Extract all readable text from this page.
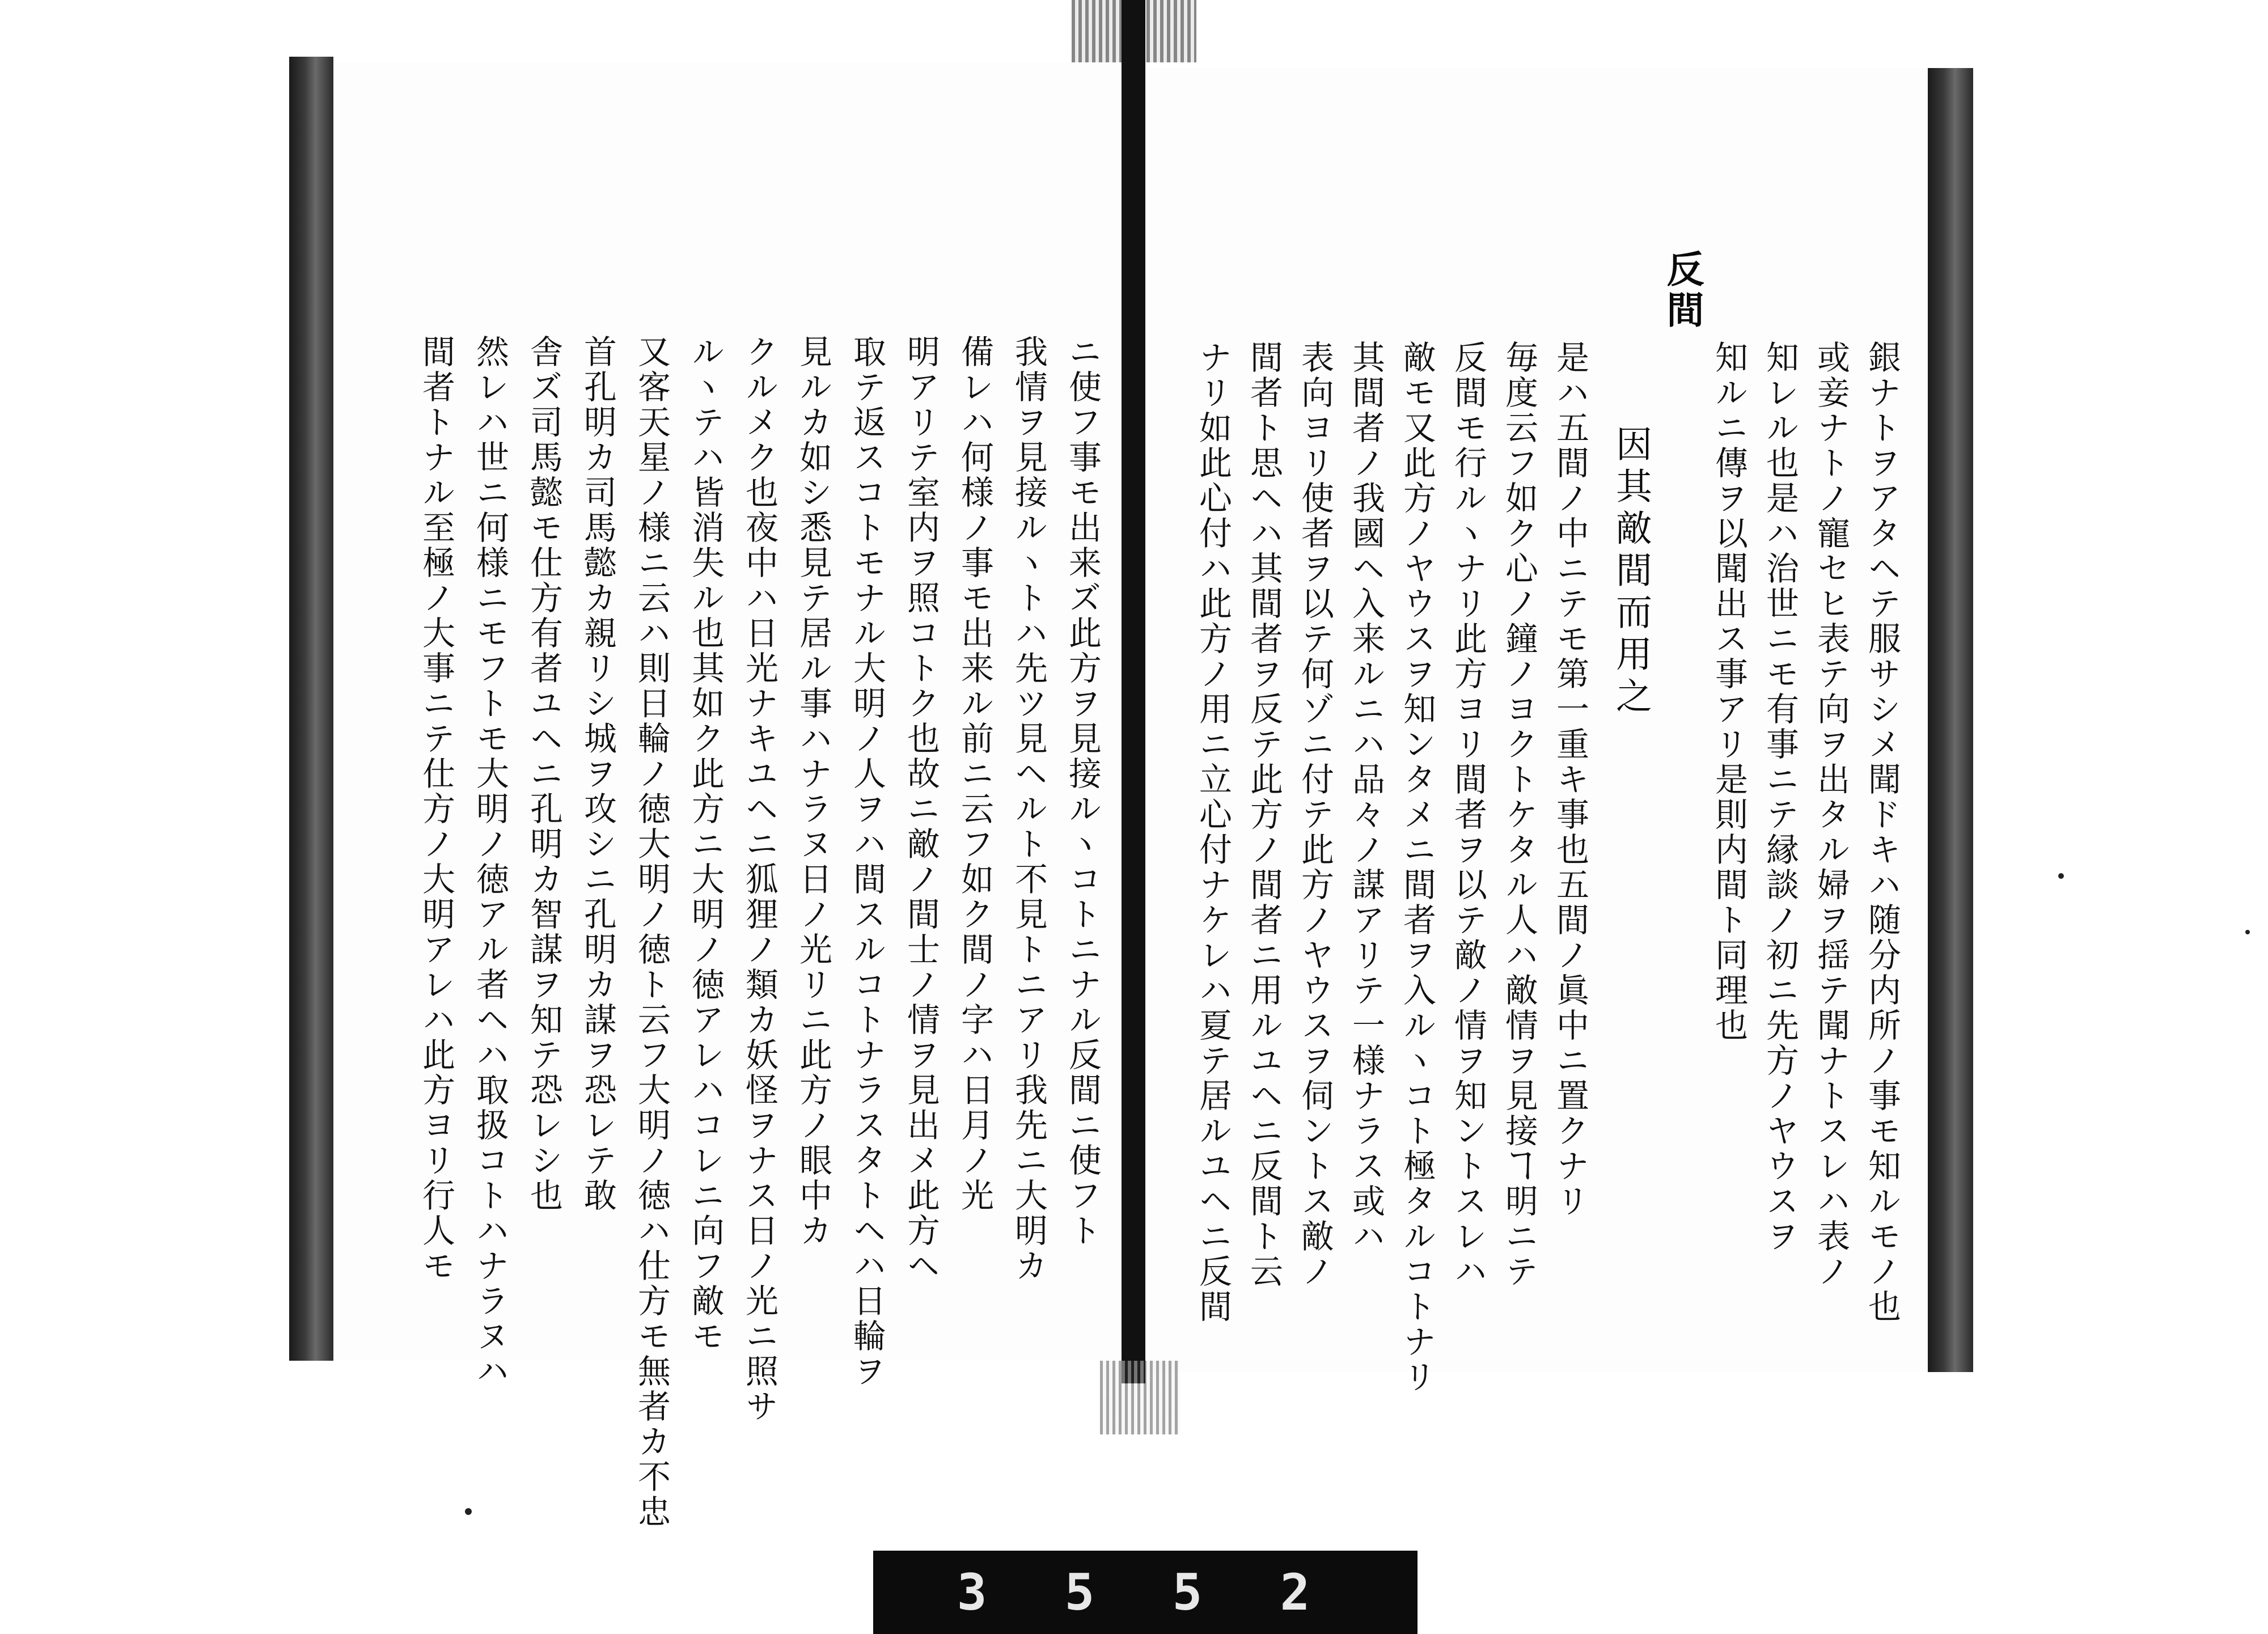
銀ナトヲアタヘテ服サシメ聞ドキハ随分内所ノ事モ知ルモノ也
或妾ナトノ寵セヒ表テ向ヲ出タル婦ヲ揺テ聞ナトスレハ表ノ
知レル也是ハ治世ニモ有事ニテ縁談ノ初ニ先方ノヤウスヲ
知ルニ傳ヲ以聞出ス事アリ是則内間ト同理也
反間
因其敵間而用之
是ハ五間ノ中ニテモ第一重キ事也五間ノ眞中ニ置クナリ
毎度云フ如ク心ノ鐘ノヨクトケタル人ハ敵情ヲ見接ヿ明ニテ
反間モ行ルヽナリ此方ヨリ間者ヲ以テ敵ノ情ヲ知ントスレハ
敵モ又此方ノヤウスヲ知ンタメニ間者ヲ入ルヽコト極タルコトナリ
其間者ノ我國ヘ入来ルニハ品々ノ謀アリテ一様ナラス或ハ
表向ヨリ使者ヲ以テ何ゾニ付テ此方ノヤウスヲ伺ントス敵ノ
間者ト思ヘハ其間者ヲ反テ此方ノ間者ニ用ルユヘニ反間ト云
ナリ如此心付ハ此方ノ用ニ立心付ナケレハ夏テ居ルユヘニ反間
ニ使フ事モ出来ズ此方ヲ見接ルヽコトニナル反間ニ使フト
我情ヲ見接ルヽトハ先ツ見ヘルト不見トニアリ我先ニ大明カ
備レハ何様ノ事モ出来ル前ニ云フ如ク間ノ字ハ日月ノ光
明アリテ室内ヲ照コトク也故ニ敵ノ間士ノ情ヲ見出メ此方ヘ
取テ返スコトモナル大明ノ人ヲハ間スルコトナラスタトヘハ日輪ヲ
見ルカ如シ悉見テ居ル事ハナラヌ日ノ光リニ此方ノ眼中カ
クルメク也夜中ハ日光ナキユヘニ狐狸ノ類カ妖怪ヲナス日ノ光ニ照サ
ルヽテハ皆消失ル也其如ク此方ニ大明ノ徳アレハコレニ向フ敵モ
又客天星ノ様ニ云ハ則日輪ノ徳大明ノ徳ト云フ大明ノ徳ハ仕方モ無者カ不忠
首孔明カ司馬懿カ親リシ城ヲ攻シニ孔明カ謀ヲ恐レテ敢
舎ズ司馬懿モ仕方有者ユヘニ孔明カ智謀ヲ知テ恐レシ也
然レハ世ニ何様ニモフトモ大明ノ徳アル者ヘハ取扱コトハナラヌハ
間者トナル至極ノ大事ニテ仕方ノ大明アレハ此方ヨリ行人モ
3 5 5 2
